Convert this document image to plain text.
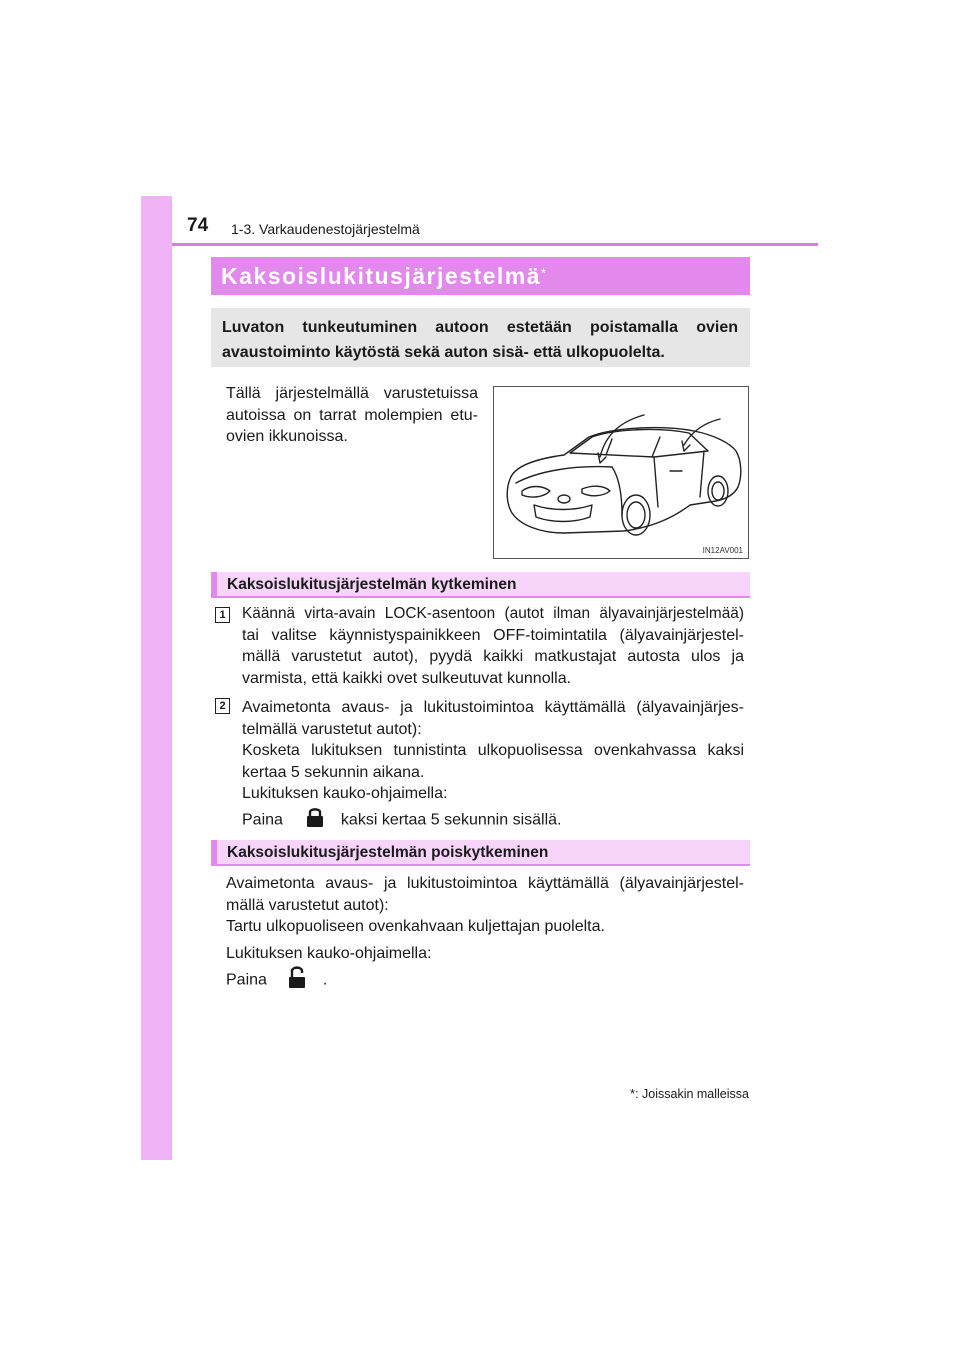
74 1-3. Varkaudenestojärjestelmä
Kaksoislukitusjärjestelmä*
Luvaton tunkeutuminen autoon estetään poistamalla ovien avaustoiminto käytöstä sekä auton sisä- että ulkopuolelta.
Tällä järjestelmällä varustetuissa
autoissa on tarrat molempien etu-
ovien ikkunoissa.
IN12AV001
Kaksoislukitusjärjestelmän kytkeminen
1 Käännä virta-avain LOCK-asentoon (autot ilman älyavainjärjestelmää)
tai valitse käynnistyspainikkeen OFF-toimintatila (älyavainjärjestel-
mällä varustetut autot), pyydä kaikki matkustajat autosta ulos ja
varmista, että kaikki ovet sulkeutuvat kunnolla.
2 Avaimetonta avaus- ja lukitustoimintoa käyttämällä (älyavainjärjes-
telmällä varustetut autot):
Kosketa lukituksen tunnistinta ulkopuolisessa ovenkahvassa kaksi
kertaa 5 sekunnin aikana.
Lukituksen kauko-ohjaimella:
Paina	kaksi kertaa 5 sekunnin sisällä.
Kaksoislukitusjärjestelmän poiskytkeminen
Avaimetonta avaus- ja lukitustoimintoa käyttämällä (älyavainjärjestel-
mällä varustetut autot):
Tartu ulkopuoliseen ovenkahvaan kuljettajan puolelta.
Lukituksen kauko-ohjaimella:
Paina	.
*: Joissakin malleissa
